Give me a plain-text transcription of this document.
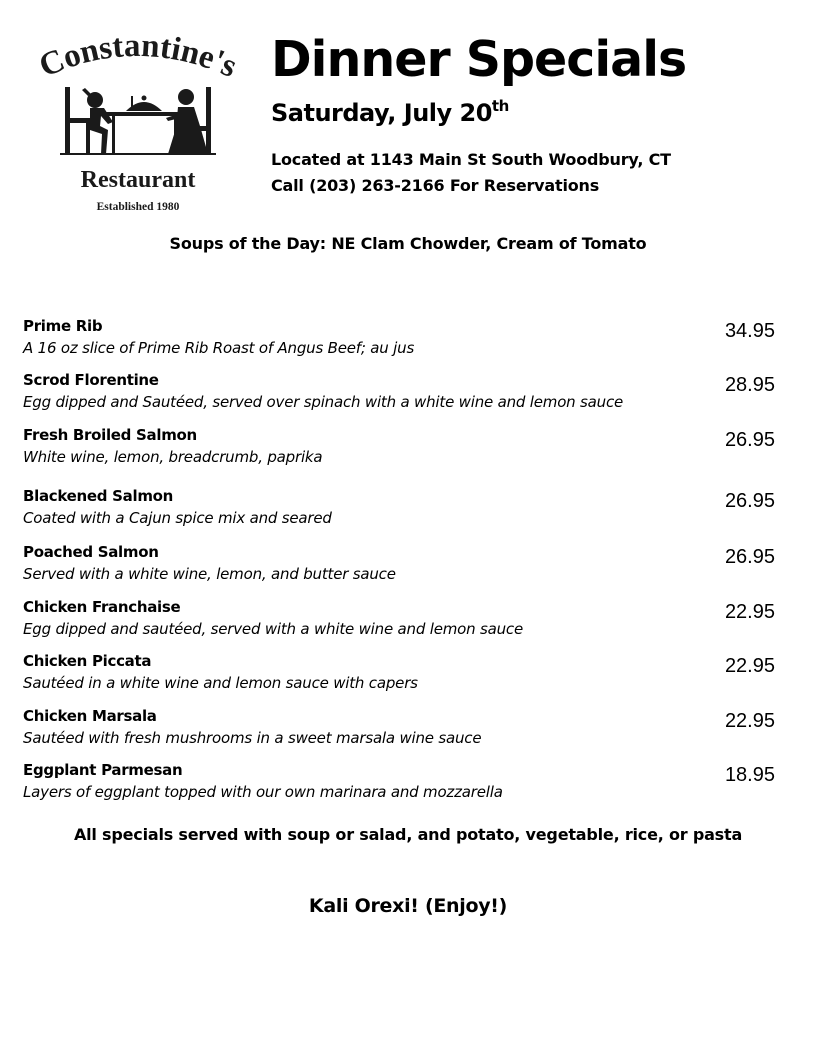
Constantine's
Restaurant
Established 1980
Dinner Specials
Saturday, July 20th
Located at 1143 Main St South Woodbury, CT
Call (203) 263-2166 For Reservations
Soups of the Day: NE Clam Chowder, Cream of Tomato
Prime Rib
A 16 oz slice of Prime Rib Roast of Angus Beef; au jus
34.95
Scrod Florentine
Egg dipped and Sautéed, served over spinach with a white wine and lemon sauce
28.95
Fresh Broiled Salmon
White wine, lemon, breadcrumb, paprika
26.95
Blackened Salmon
Coated with a Cajun spice mix and seared
26.95
Poached Salmon
Served with a white wine, lemon, and butter sauce
26.95
Chicken Franchaise
Egg dipped and sautéed, served with a white wine and lemon sauce
22.95
Chicken Piccata
Sautéed in a white wine and lemon sauce with capers
22.95
Chicken Marsala
Sautéed with fresh mushrooms in a sweet marsala wine sauce
22.95
Eggplant Parmesan
Layers of eggplant topped with our own marinara and mozzarella
18.95
All specials served with soup or salad, and potato, vegetable, rice, or pasta
Kali Orexi! (Enjoy!)
